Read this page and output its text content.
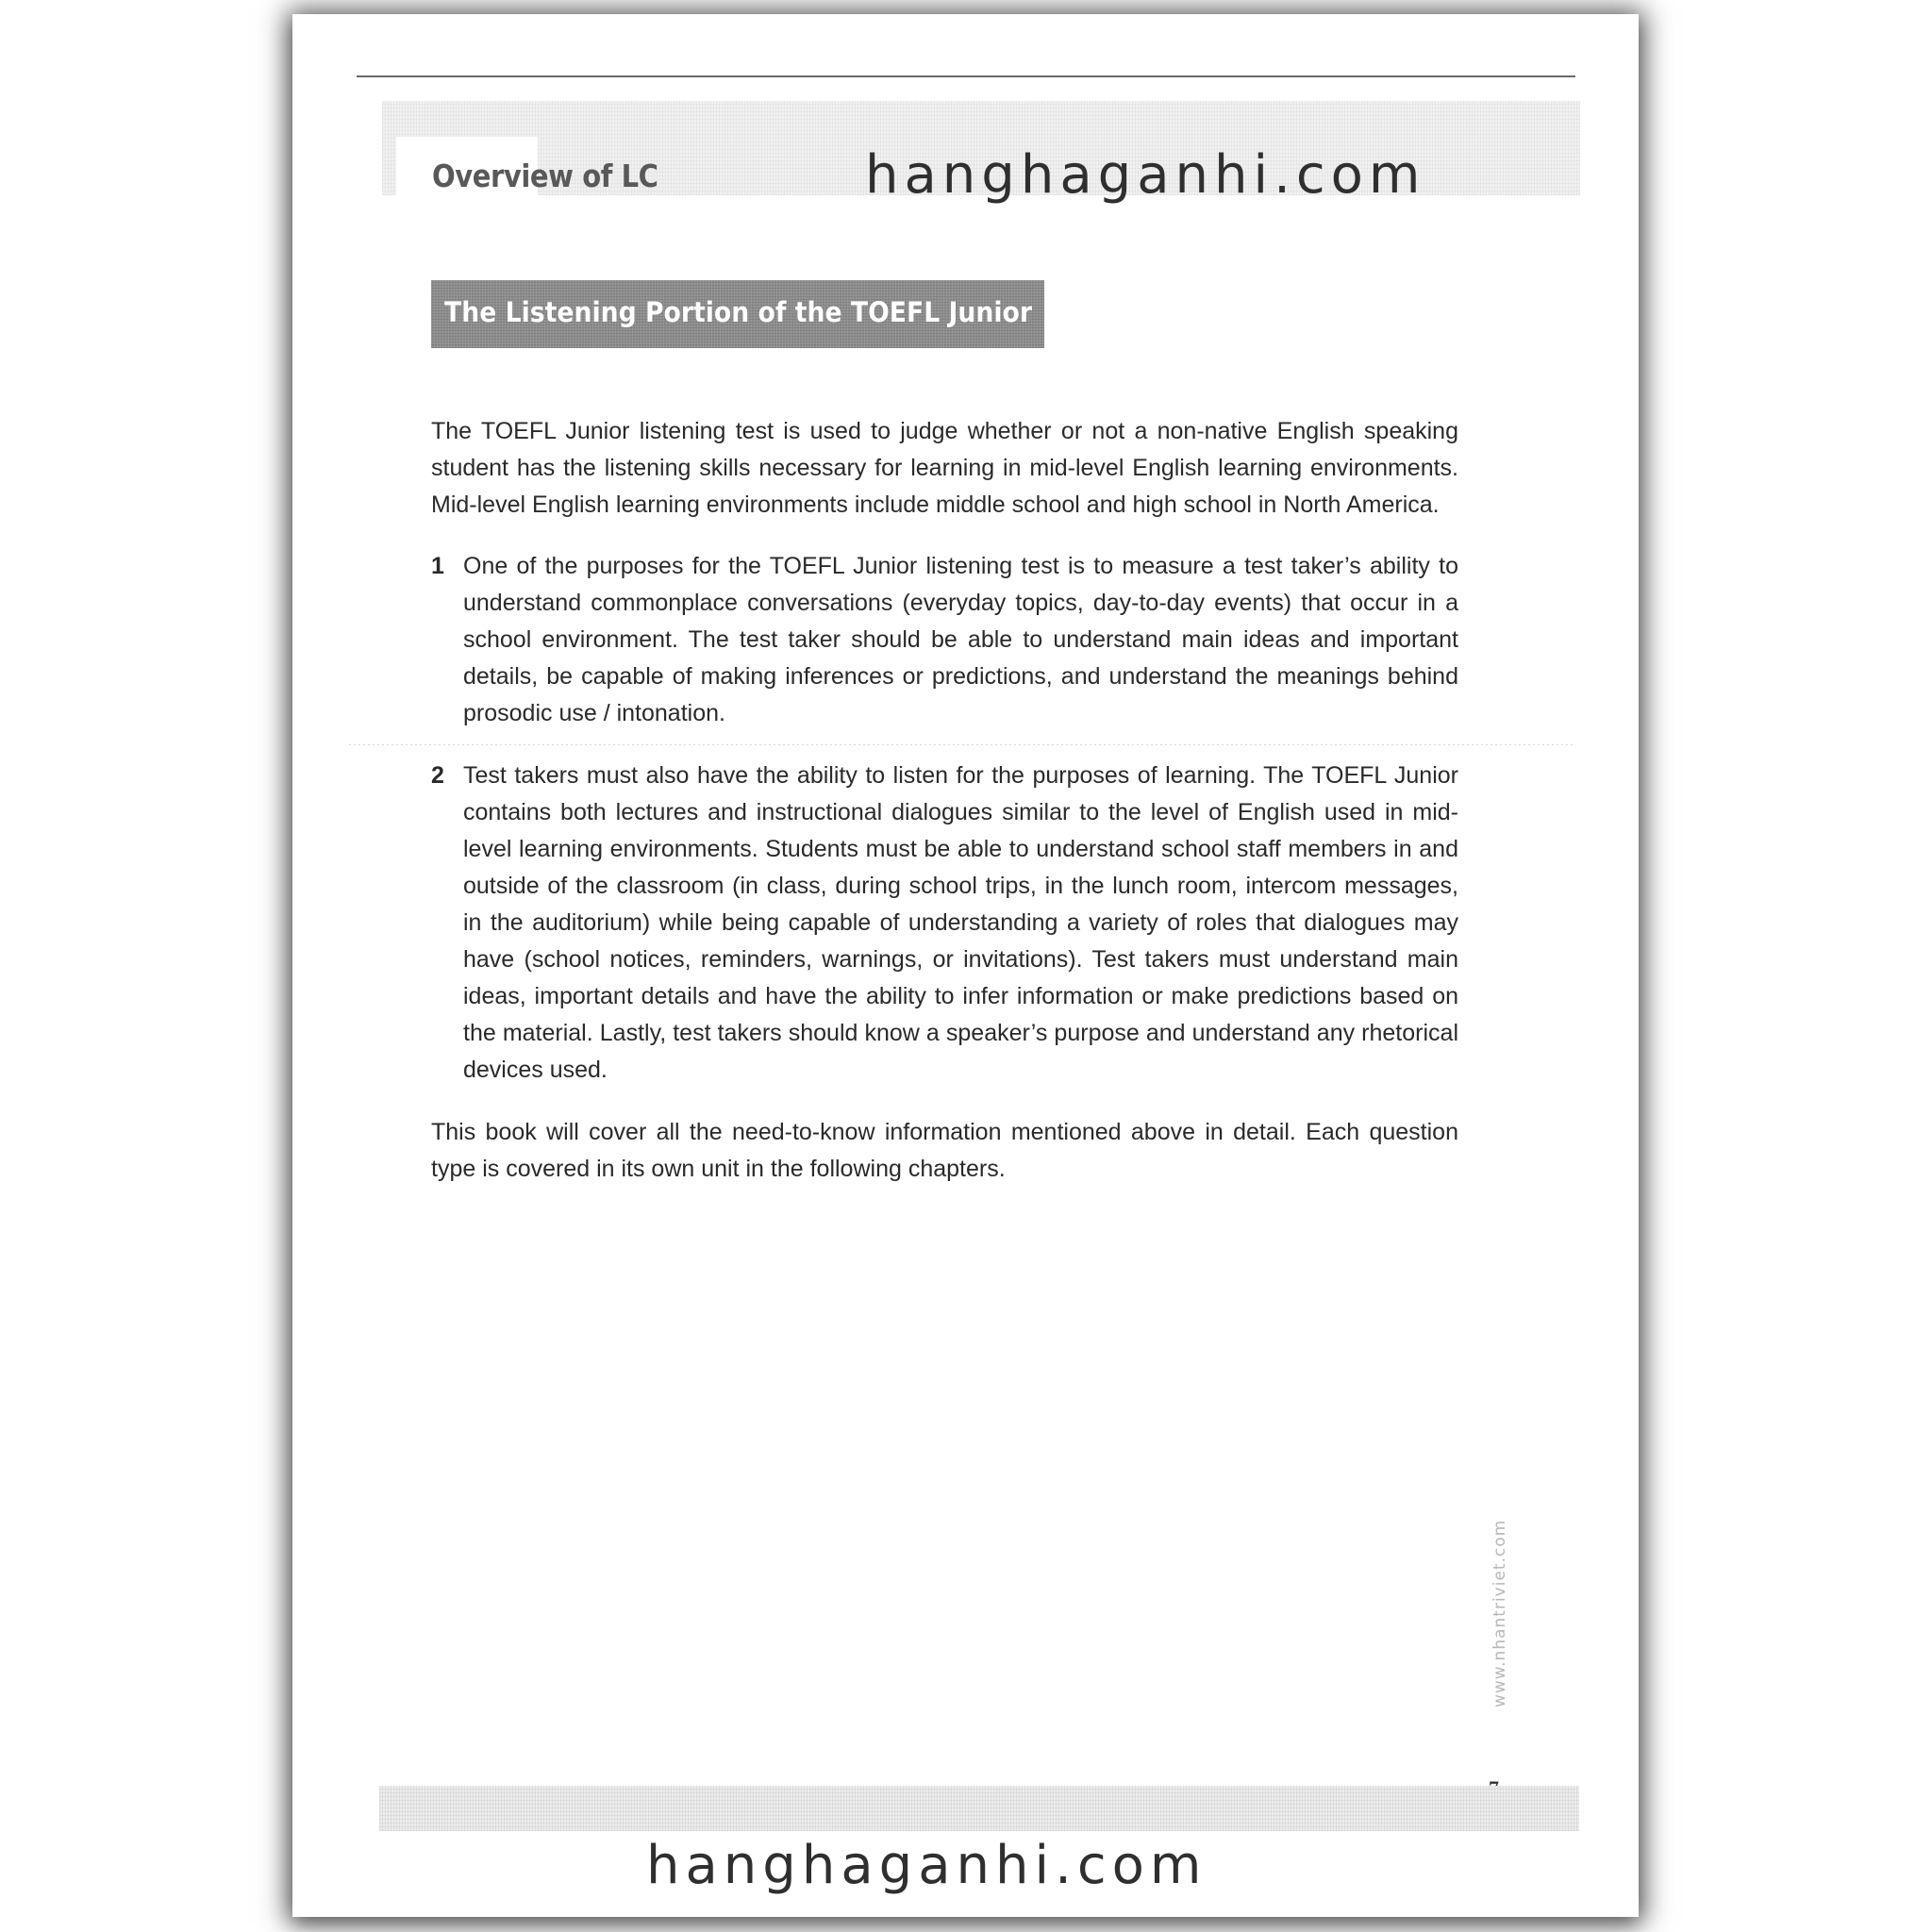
Overview of LC	hanghaganhi.com
The Listening Portion of the TOEFL Junior

The TOEFL Junior listening test is used to judge whether or not a non-native English speaking student has the listening skills necessary for learning in mid-level English learning environments. Mid-level English learning environments include middle school and high school in North America.

1 One of the purposes for the TOEFL Junior listening test is to measure a test taker’s ability to understand commonplace conversations (everyday topics, day-to-day events) that occur in a school environment. The test taker should be able to understand main ideas and important details, be capable of making inferences or predictions, and understand the meanings behind prosodic use / intonation.
2 Test takers must also have the ability to listen for the purposes of learning. The TOEFL Junior contains both lectures and instructional dialogues similar to the level of English used in mid-level learning environments. Students must be able to understand school staff members in and outside of the classroom (in class, during school trips, in the lunch room, intercom messages, in the auditorium) while being capable of understanding a variety of roles that dialogues may have (school notices, reminders, warnings, or invitations). Test takers must understand main ideas, important details and have the ability to infer information or make predictions based on the material. Lastly, test takers should know a speaker’s purpose and understand any rhetorical devices used.

This book will cover all the need-to-know information mentioned above in detail. Each question type is covered in its own unit in the following chapters.

www.nhantriviet.com
hanghaganhi.com
